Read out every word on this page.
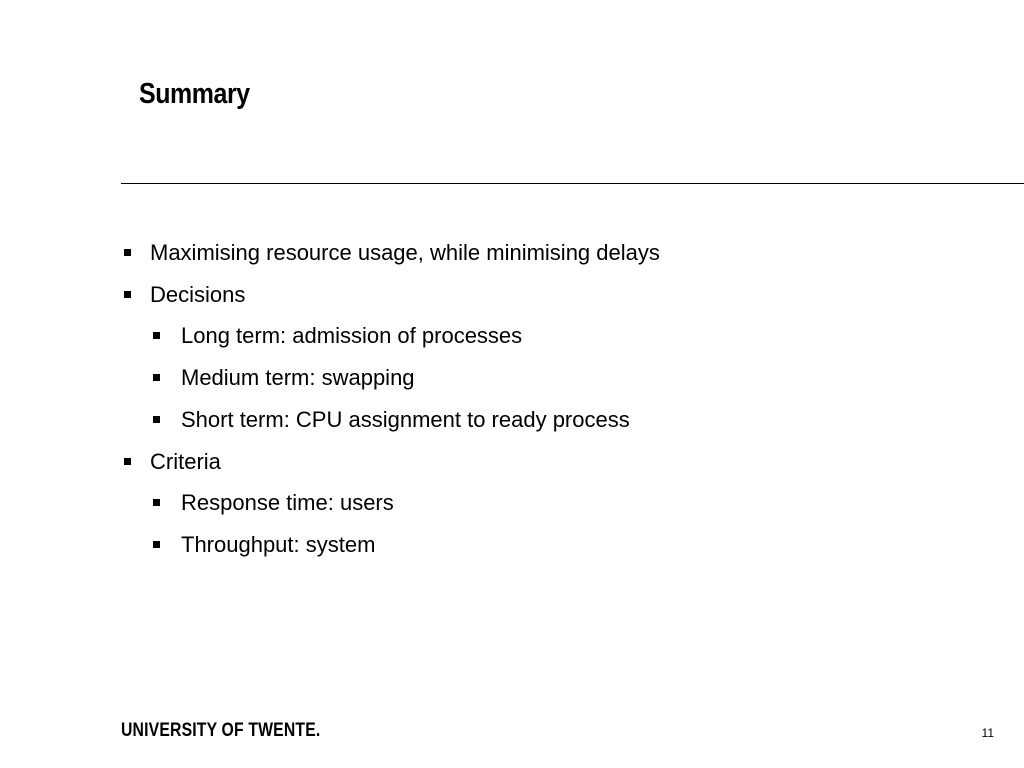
Summary
Maximising resource usage, while minimising delays
Decisions
Long term: admission of processes
Medium term: swapping
Short term: CPU assignment to ready process
Criteria
Response time: users
Throughput: system
UNIVERSITY OF TWENTE.	11
